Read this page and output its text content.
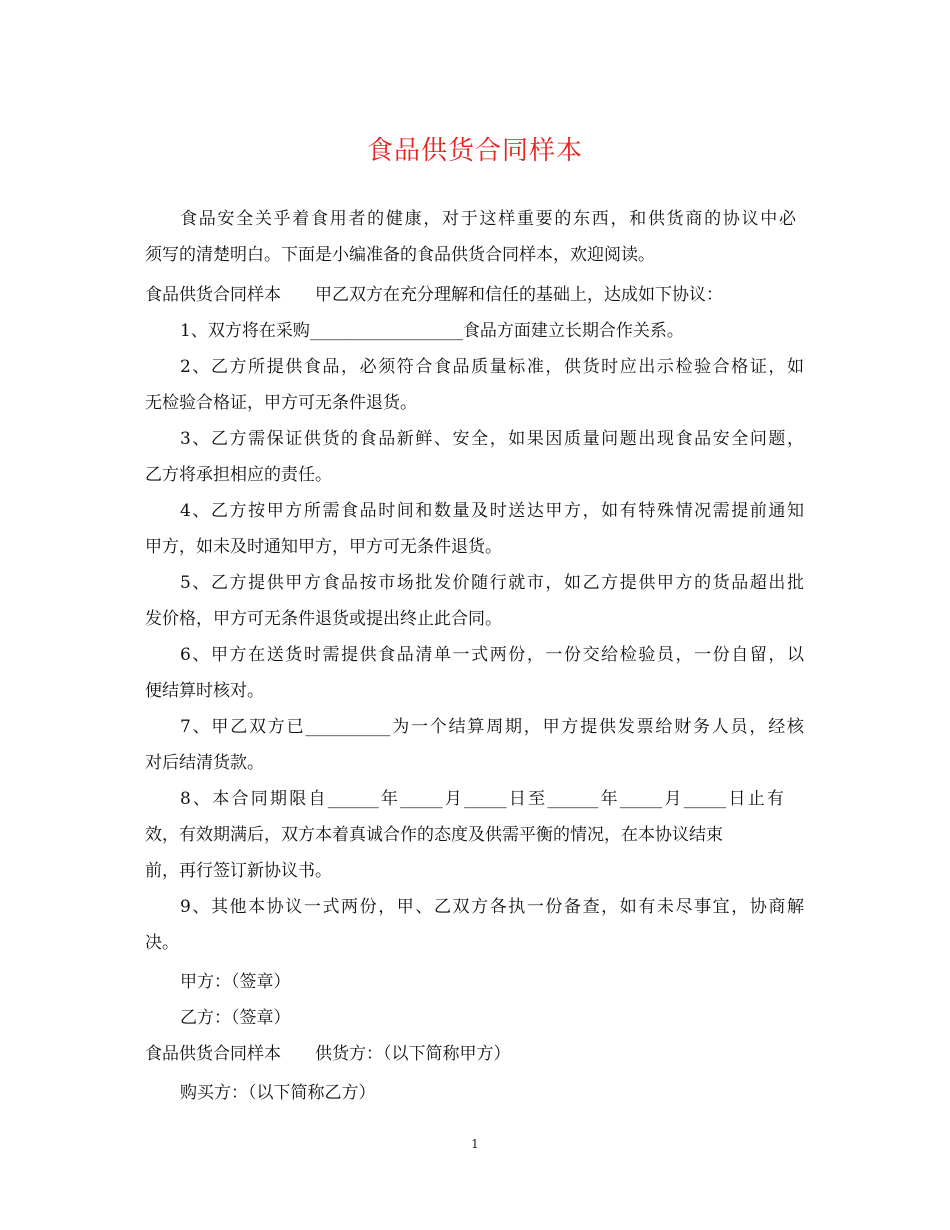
食品供货合同样本
食品安全关乎着食用者的健康，对于这样重要的东西，和供货商的协议中必
须写的清楚明白。下面是小编准备的食品供货合同样本，欢迎阅读。
食品供货合同样本　　甲乙双方在充分理解和信任的基础上，达成如下协议：
1、双方将在采购__________________食品方面建立长期合作关系。
2、乙方所提供食品，必须符合食品质量标准，供货时应出示检验合格证，如
无检验合格证，甲方可无条件退货。
3、乙方需保证供货的食品新鲜、安全，如果因质量问题出现食品安全问题，
乙方将承担相应的责任。
4、乙方按甲方所需食品时间和数量及时送达甲方，如有特殊情况需提前通知
甲方，如未及时通知甲方，甲方可无条件退货。
5、乙方提供甲方食品按市场批发价随行就市，如乙方提供甲方的货品超出批
发价格，甲方可无条件退货或提出终止此合同。
6、甲方在送货时需提供食品清单一式两份，一份交给检验员，一份自留，以
便结算时核对。
7、甲乙双方已__________为一个结算周期，甲方提供发票给财务人员，经核
对后结清货款。
8、本合同期限自______年_____月_____日至______年_____月_____日止有
效，有效期满后，双方本着真诚合作的态度及供需平衡的情况，在本协议结束
前，再行签订新协议书。
9、其他本协议一式两份，甲、乙双方各执一份备查，如有未尽事宜，协商解
决。
甲方：（签章）
乙方：（签章）
食品供货合同样本　　供货方：（以下简称甲方）
购买方：（以下简称乙方）
1
